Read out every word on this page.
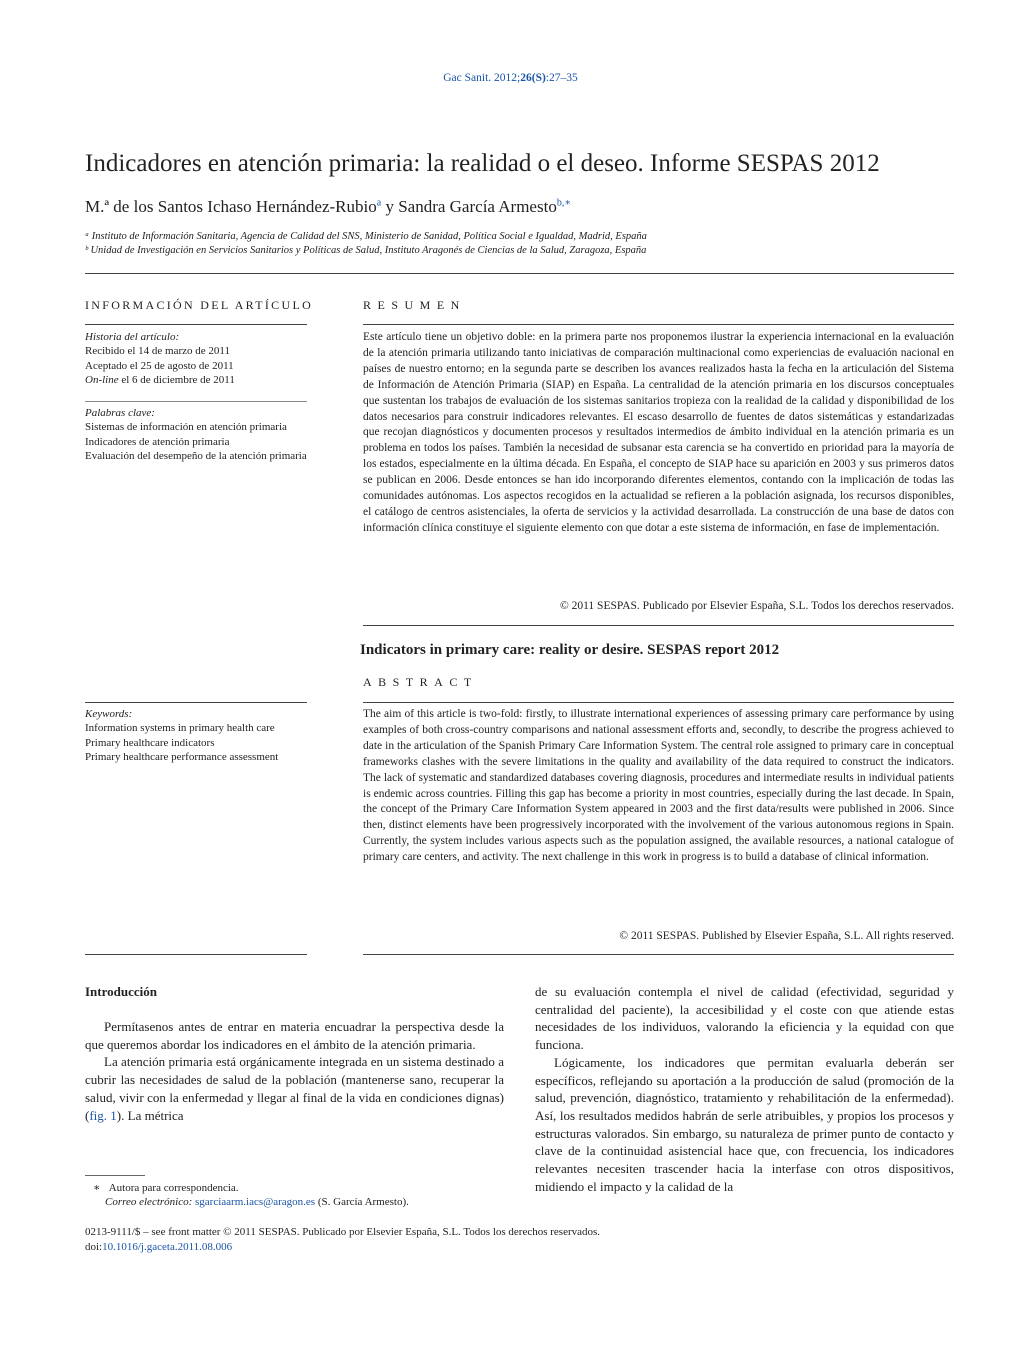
Gac Sanit. 2012;26(S):27–35
Indicadores en atención primaria: la realidad o el deseo. Informe SESPAS 2012
M.ª de los Santos Ichaso Hernández-Rubio$^a$ y Sandra García Armesto$^{b,∗}$
ᵃ Instituto de Información Sanitaria, Agencia de Calidad del SNS, Ministerio de Sanidad, Política Social e Igualdad, Madrid, España
ᵇ Unidad de Investigación en Servicios Sanitarios y Políticas de Salud, Instituto Aragonés de Ciencias de la Salud, Zaragoza, España
INFORMACIÓN DEL ARTÍCULO	RESUMEN

Historia del artículo:

Recibido el 14 de marzo de 2011

Aceptado el 25 de agosto de 2011

On-line el 6 de diciembre de 2011

Palabras clave:

Sistemas de información en atención primaria

Indicadores de atención primaria

Evaluación del desempeño de la atención primaria

Este artículo tiene un objetivo doble: en la primera parte nos proponemos ilustrar la experiencia internacional en la evaluación de la atención primaria utilizando tanto iniciativas de comparación multinacional como experiencias de evaluación nacional en países de nuestro entorno; en la segunda parte se describen los avances realizados hasta la fecha en la articulación del Sistema de Información de Atención Primaria (SIAP) en España. La centralidad de la atención primaria en los discursos conceptuales que sustentan los trabajos de evaluación de los sistemas sanitarios tropieza con la realidad de la calidad y disponibilidad de los datos necesarios para construir indicadores relevantes. El escaso desarrollo de fuentes de datos sistemáticas y estandarizadas que recojan diagnósticos y documenten procesos y resultados intermedios de ámbito individual en la atención primaria es un problema en todos los países. También la necesidad de subsanar esta carencia se ha convertido en prioridad para la mayoría de los estados, especialmente en la última década. En España, el concepto de SIAP hace su aparición en 2003 y sus primeros datos se publican en 2006. Desde entonces se han ido incorporando diferentes elementos, contando con la implicación de todas las comunidades autónomas. Los aspectos recogidos en la actualidad se refieren a la población asignada, los recursos disponibles, el catálogo de centros asistenciales, la oferta de servicios y la actividad desarrollada. La construcción de una base de datos con información clínica constituye el siguiente elemento con que dotar a este sistema de información, en fase de implementación.
© 2011 SESPAS. Publicado por Elsevier España, S.L. Todos los derechos reservados.
Indicators in primary care: reality or desire. SESPAS report 2012
ABSTRACT

Keywords:

Information systems in primary health care

Primary healthcare indicators

Primary healthcare performance assessment

The aim of this article is two-fold: firstly, to illustrate international experiences of assessing primary care performance by using examples of both cross-country comparisons and national assessment efforts and, secondly, to describe the progress achieved to date in the articulation of the Spanish Primary Care Information System. The central role assigned to primary care in conceptual frameworks clashes with the severe limitations in the quality and availability of the data required to construct the indicators. The lack of systematic and standardized databases covering diagnosis, procedures and intermediate results in individual patients is endemic across countries. Filling this gap has become a priority in most countries, especially during the last decade. In Spain, the concept of the Primary Care Information System appeared in 2003 and the first data/results were published in 2006. Since then, distinct elements have been progressively incorporated with the involvement of the various autonomous regions in Spain. Currently, the system includes various aspects such as the population assigned, the available resources, a national catalogue of primary care centers, and activity. The next challenge in this work in progress is to build a database of clinical information.
© 2011 SESPAS. Published by Elsevier España, S.L. All rights reserved.
Introducción

Permítasenos antes de entrar en materia encuadrar la perspectiva desde la que queremos abordar los indicadores en el ámbito de la atención primaria.

La atención primaria está orgánicamente integrada en un sistema destinado a cubrir las necesidades de salud de la población (mantenerse sano, recuperar la salud, vivir con la enfermedad y llegar al final de la vida en condiciones dignas) (fig. 1). La métrica

de su evaluación contempla el nivel de calidad (efectividad, seguridad y centralidad del paciente), la accesibilidad y el coste con que atiende estas necesidades de los individuos, valorando la eficiencia y la equidad con que funciona.

Lógicamente, los indicadores que permitan evaluarla deberán ser específicos, reflejando su aportación a la producción de salud (promoción de la salud, prevención, diagnóstico, tratamiento y rehabilitación de la enfermedad). Así, los resultados medidos habrán de serle atribuibles, y propios los procesos y estructuras valorados. Sin embargo, su naturaleza de primer punto de contacto y clave de la continuidad asistencial hace que, con frecuencia, los indicadores relevantes necesiten trascender hacia la interfase con otros dispositivos, midiendo el impacto y la calidad de la

∗ Autora para correspondencia.
Correo electrónico: sgarciaarm.iacs@aragon.es (S. García Armesto).
0213-9111/$ – see front matter © 2011 SESPAS. Publicado por Elsevier España, S.L. Todos los derechos reservados.
doi:10.1016/j.gaceta.2011.08.006
